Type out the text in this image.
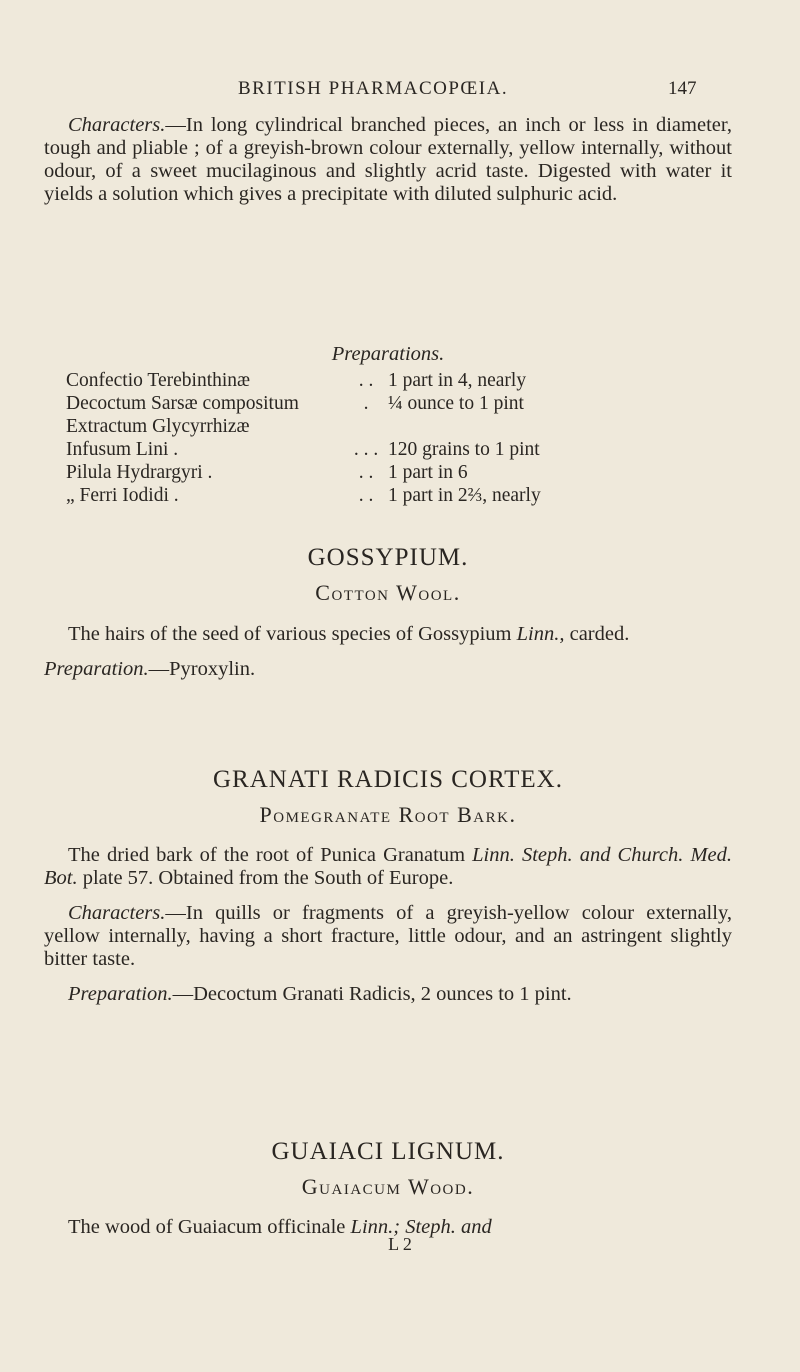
BRITISH PHARMACOPŒIA.	147

Characters.—In long cylindrical branched pieces, an inch or less in diameter, tough and pliable ; of a greyish-brown colour externally, yellow internally, without odour, of a sweet mucilaginous and slightly acrid taste. Digested with water it yields a solution which gives a precipitate with diluted sulphuric acid.

Preparations.

Confectio Terebinthinæ	. . 1 part in 4, nearly
Decoctum Sarsæ compositum	.	¼ ounce to 1 pint
Extractum Glycyrrhizæ
Infusum Lini .	. . . 120 grains to 1 pint
Pilula Hydrargyri .	. . 1 part in 6
„ Ferri Iodidi .	. . 1 part in 2⅔, nearly

GOSSYPIUM.

Cotton Wool.

The hairs of the seed of various species of Gossypium Linn., carded.

Preparation.—Pyroxylin.

GRANATI RADICIS CORTEX.

Pomegranate Root Bark.

The dried bark of the root of Punica Granatum Linn. Steph. and Church. Med. Bot. plate 57. Obtained from the South of Europe.

Characters.—In quills or fragments of a greyish-yellow colour externally, yellow internally, having a short fracture, little odour, and an astringent slightly bitter taste.

Preparation.—Decoctum Granati Radicis, 2 ounces to 1 pint.

GUAIACI LIGNUM.

Guaiacum Wood.

The wood of Guaiacum officinale Linn.; Steph. and

L 2
